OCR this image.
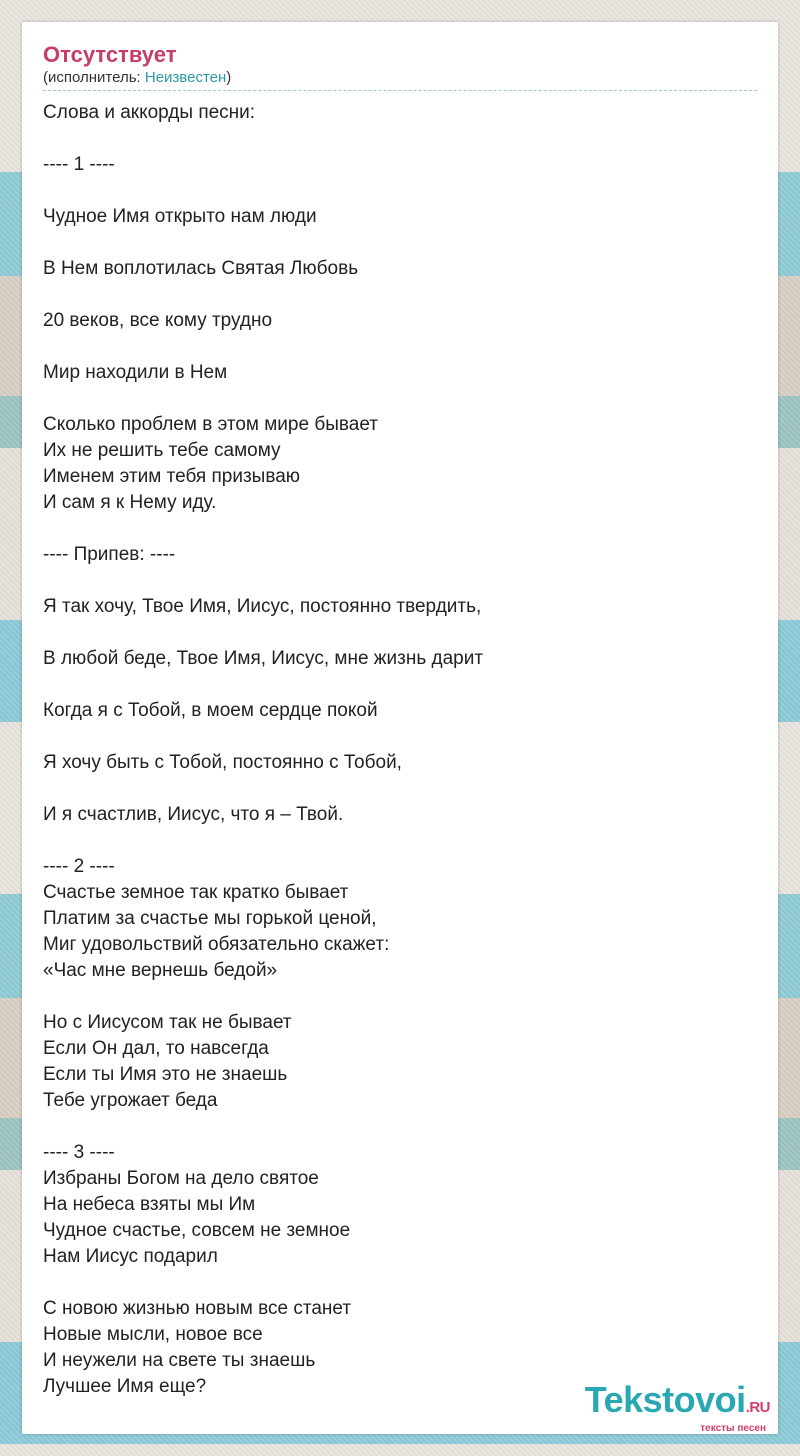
Отсутствует
(исполнитель: Неизвестен)
Слова и аккорды песни:
---- 1 ----
Чудное Имя открыто нам люди
В Нем воплотилась Святая Любовь
20 веков, все кому трудно
Мир находили в Нем
Сколько проблем в этом мире бывает
Их не решить тебе самому
Именем этим тебя призываю
И сам я к Нему иду.
---- Припев: ----
Я так хочу, Твое Имя, Иисус, постоянно твердить,
В любой беде, Твое Имя, Иисус, мне жизнь дарит
Когда я с Тобой, в моем сердце покой
Я хочу быть с Тобой, постоянно с Тобой,
И я счастлив, Иисус, что я – Твой.
---- 2 ----
Счастье земное так кратко бывает
Платим за счастье мы горькой ценой,
Миг удовольствий обязательно скажет:
«Час мне вернешь бедой»
Но с Иисусом так не бывает
Если Он дал, то навсегда
Если ты Имя это не знаешь
Тебе угрожает беда
---- 3 ----
Избраны Богом на дело святое
На небеса взяты мы Им
Чудное счастье, совсем не земное
Нам Иисус подарил
С новою жизнью новым все станет
Новые мысли, новое все
И неужели на свете ты знаешь
Лучшее Имя еще?	Tekstovoi.RU
тексты песен
